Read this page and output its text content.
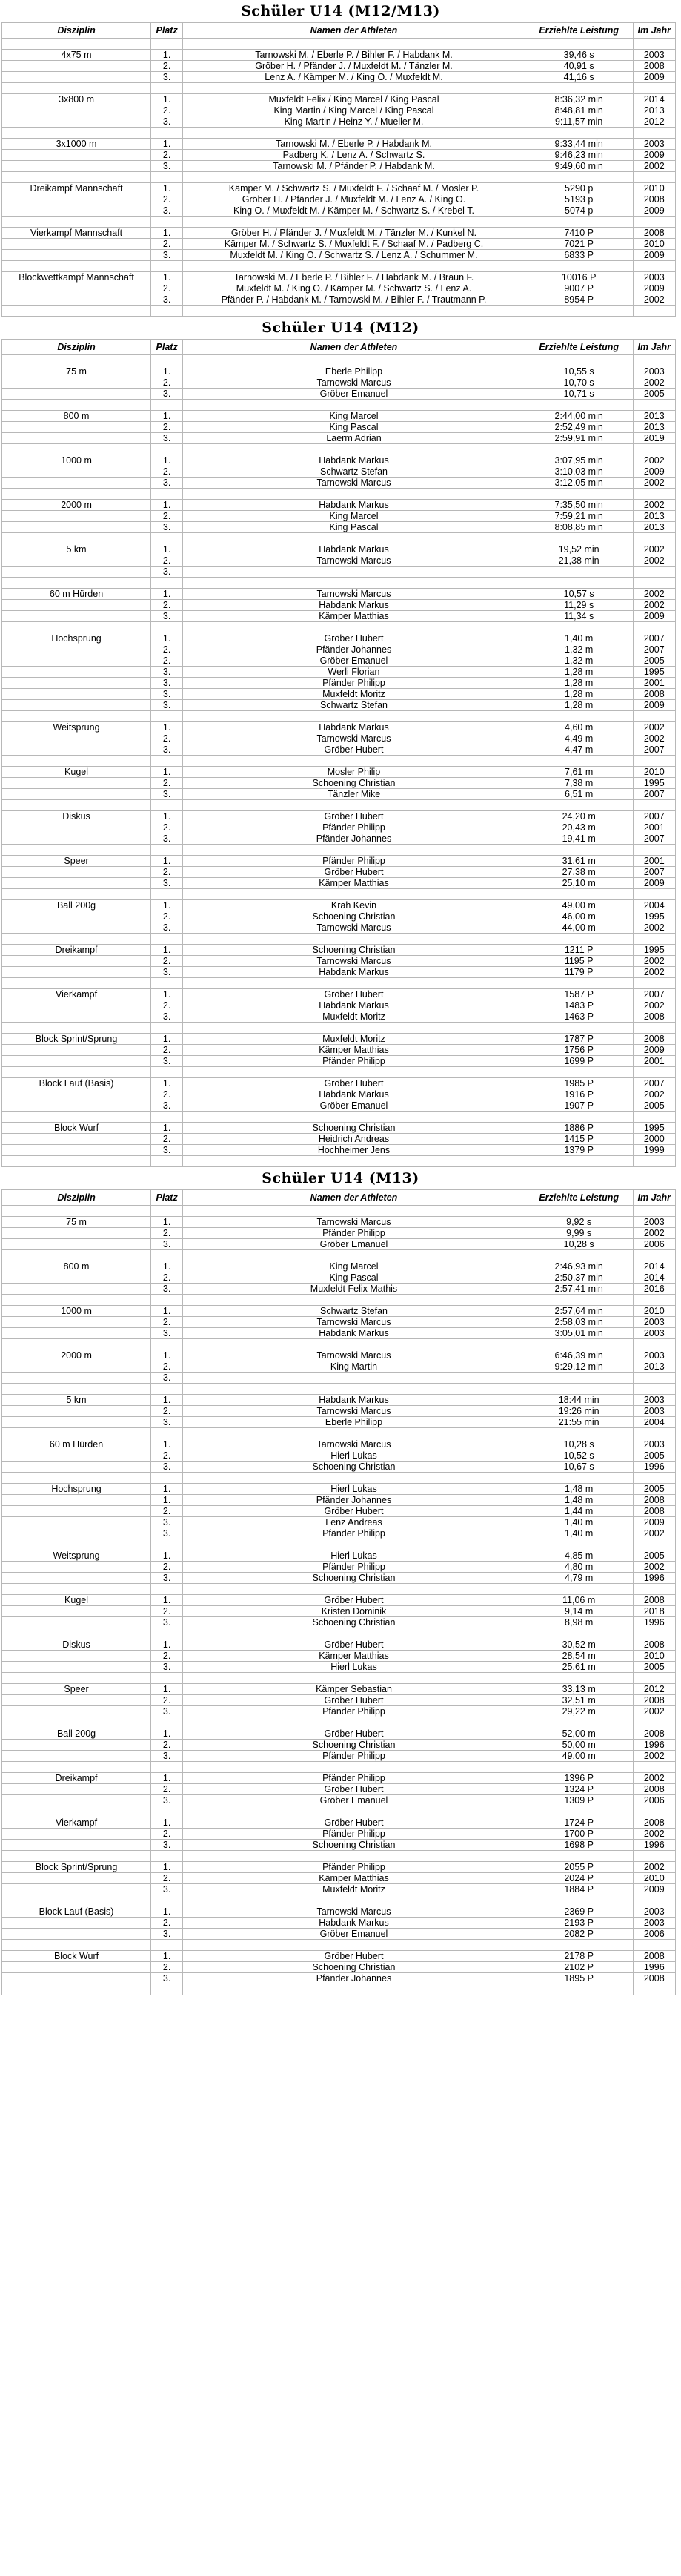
Schüler U14 (M12/M13)
Disziplin	Platz	Namen der Athleten	Erziehlte Leistung	Im Jahr

4x75 m	1.	Tarnowski M. / Eberle P. / Bihler F. / Habdank M.	39,46 s	2003
	2.	Gröber H. / Pfänder J. / Muxfeldt M. / Tänzler M.	40,91 s	2008
	3.	Lenz A. / Kämper M. / King O. / Muxfeldt M.	41,16 s	2009

3x800 m	1.	Muxfeldt Felix / King Marcel / King Pascal	8:36,32 min	2014
	2.	King Martin / King Marcel / King Pascal	8:48,81 min	2013
	3.	King Martin / Heinz Y. / Mueller M.	9:11,57 min	2012

3x1000 m	1.	Tarnowski M. / Eberle P. / Habdank M.	9:33,44 min	2003
	2.	Padberg K. / Lenz A. / Schwartz S.	9:46,23 min	2009
	3.	Tarnowski M. / Pfänder P. / Habdank M.	9:49,60 min	2002

Dreikampf Mannschaft	1.	Kämper M. / Schwartz S. / Muxfeldt F. / Schaaf M. / Mosler P.	5290 p	2010
	2.	Gröber H. / Pfänder J. / Muxfeldt M. / Lenz A. / King O.	5193 p	2008
	3.	King O. / Muxfeldt M. / Kämper M. / Schwartz S. / Krebel T.	5074 p	2009

Vierkampf Mannschaft	1.	Gröber H. / Pfänder J. / Muxfeldt M. / Tänzler M. / Kunkel N.	7410 P	2008
	2.	Kämper M. / Schwartz S. / Muxfeldt F. / Schaaf M. / Padberg C.	7021 P	2010
	3.	Muxfeldt M. / King O. / Schwartz S. / Lenz A. / Schummer M.	6833 P	2009

Blockwettkampf Mannschaft	1.	Tarnowski M. / Eberle P. / Bihler F. / Habdank M. / Braun F.	10016 P	2003
	2.	Muxfeldt M. / King O. / Kämper M. / Schwartz S. / Lenz A.	9007 P	2009
	3.	Pfänder P. / Habdank M. / Tarnowski M. / Bihler F. / Trautmann P.	8954 P	2002

Schüler U14 (M12)
Disziplin	Platz	Namen der Athleten	Erziehlte Leistung	Im Jahr

75 m	1.	Eberle Philipp	10,55 s	2003
	2.	Tarnowski Marcus	10,70 s	2002
	3.	Gröber Emanuel	10,71 s	2005

800 m	1.	King Marcel	2:44,00 min	2013
	2.	King Pascal	2:52,49 min	2013
	3.	Laerm Adrian	2:59,91 min	2019

1000 m	1.	Habdank Markus	3:07,95 min	2002
	2.	Schwartz Stefan	3:10,03 min	2009
	3.	Tarnowski Marcus	3:12,05 min	2002

2000 m	1.	Habdank Markus	7:35,50 min	2002
	2.	King Marcel	7:59,21 min	2013
	3.	King Pascal	8:08,85 min	2013

5 km	1.	Habdank Markus	19,52 min	2002
	2.	Tarnowski Marcus	21,38 min	2002
	3.			

60 m Hürden	1.	Tarnowski Marcus	10,57 s	2002
	2.	Habdank Markus	11,29 s	2002
	3.	Kämper Matthias	11,34 s	2009

Hochsprung	1.	Gröber Hubert	1,40 m	2007
	2.	Pfänder Johannes	1,32 m	2007
	2.	Gröber Emanuel	1,32 m	2005
	3.	Werli Florian	1,28 m	1995
	3.	Pfänder Philipp	1,28 m	2001
	3.	Muxfeldt Moritz	1,28 m	2008
	3.	Schwartz Stefan	1,28 m	2009

Weitsprung	1.	Habdank Markus	4,60 m	2002
	2.	Tarnowski Marcus	4,49 m	2002
	3.	Gröber Hubert	4,47 m	2007

Kugel	1.	Mosler Philip	7,61 m	2010
	2.	Schoening Christian	7,38 m	1995
	3.	Tänzler Mike	6,51 m	2007

Diskus	1.	Gröber Hubert	24,20 m	2007
	2.	Pfänder Philipp	20,43 m	2001
	3.	Pfänder Johannes	19,41 m	2007

Speer	1.	Pfänder Philipp	31,61 m	2001
	2.	Gröber Hubert	27,38 m	2007
	3.	Kämper Matthias	25,10 m	2009

Ball 200g	1.	Krah Kevin	49,00 m	2004
	2.	Schoening Christian	46,00 m	1995
	3.	Tarnowski Marcus	44,00 m	2002

Dreikampf	1.	Schoening Christian	1211 P	1995
	2.	Tarnowski Marcus	1195 P	2002
	3.	Habdank Markus	1179 P	2002

Vierkampf	1.	Gröber Hubert	1587 P	2007
	2.	Habdank Markus	1483 P	2002
	3.	Muxfeldt Moritz	1463 P	2008

Block Sprint/Sprung	1.	Muxfeldt Moritz	1787 P	2008
	2.	Kämper Matthias	1756 P	2009
	3.	Pfänder Philipp	1699 P	2001

Block Lauf (Basis)	1.	Gröber Hubert	1985 P	2007
	2.	Habdank Markus	1916 P	2002
	3.	Gröber Emanuel	1907 P	2005

Block Wurf	1.	Schoening Christian	1886 P	1995
	2.	Heidrich Andreas	1415 P	2000
	3.	Hochheimer Jens	1379 P	1999

Schüler U14 (M13)
Disziplin	Platz	Namen der Athleten	Erziehlte Leistung	Im Jahr

75 m	1.	Tarnowski Marcus	9,92 s	2003
	2.	Pfänder Philipp	9,99 s	2002
	3.	Gröber Emanuel	10,28 s	2006

800 m	1.	King Marcel	2:46,93 min	2014
	2.	King Pascal	2:50,37 min	2014
	3.	Muxfeldt Felix Mathis	2:57,41 min	2016

1000 m	1.	Schwartz Stefan	2:57,64 min	2010
	2.	Tarnowski Marcus	2:58,03 min	2003
	3.	Habdank Markus	3:05,01 min	2003

2000 m	1.	Tarnowski Marcus	6:46,39 min	2003
	2.	King Martin	9:29,12 min	2013
	3.			

5 km	1.	Habdank Markus	18:44 min	2003
	2.	Tarnowski Marcus	19:26 min	2003
	3.	Eberle Philipp	21:55 min	2004

60 m Hürden	1.	Tarnowski Marcus	10,28 s	2003
	2.	Hierl Lukas	10,52 s	2005
	3.	Schoening Christian	10,67 s	1996

Hochsprung	1.	Hierl Lukas	1,48 m	2005
	1.	Pfänder Johannes	1,48 m	2008
	2.	Gröber Hubert	1,44 m	2008
	3.	Lenz Andreas	1,40 m	2009
	3.	Pfänder Philipp	1,40 m	2002

Weitsprung	1.	Hierl Lukas	4,85 m	2005
	2.	Pfänder Philipp	4,80 m	2002
	3.	Schoening Christian	4,79 m	1996

Kugel	1.	Gröber Hubert	11,06 m	2008
	2.	Kristen Dominik	9,14 m	2018
	3.	Schoening Christian	8,98 m	1996

Diskus	1.	Gröber Hubert	30,52 m	2008
	2.	Kämper Matthias	28,54 m	2010
	3.	Hierl Lukas	25,61 m	2005

Speer	1.	Kämper Sebastian	33,13 m	2012
	2.	Gröber Hubert	32,51 m	2008
	3.	Pfänder Philipp	29,22 m	2002

Ball 200g	1.	Gröber Hubert	52,00 m	2008
	2.	Schoening Christian	50,00 m	1996
	3.	Pfänder Philipp	49,00 m	2002

Dreikampf	1.	Pfänder Philipp	1396 P	2002
	2.	Gröber Hubert	1324 P	2008
	3.	Gröber Emanuel	1309 P	2006

Vierkampf	1.	Gröber Hubert	1724 P	2008
	2.	Pfänder Philipp	1700 P	2002
	3.	Schoening Christian	1698 P	1996

Block Sprint/Sprung	1.	Pfänder Philipp	2055 P	2002
	2.	Kämper Matthias	2024 P	2010
	3.	Muxfeldt Moritz	1884 P	2009

Block Lauf (Basis)	1.	Tarnowski Marcus	2369 P	2003
	2.	Habdank Markus	2193 P	2003
	3.	Gröber Emanuel	2082 P	2006

Block Wurf	1.	Gröber Hubert	2178 P	2008
	2.	Schoening Christian	2102 P	1996
	3.	Pfänder Johannes	1895 P	2008
